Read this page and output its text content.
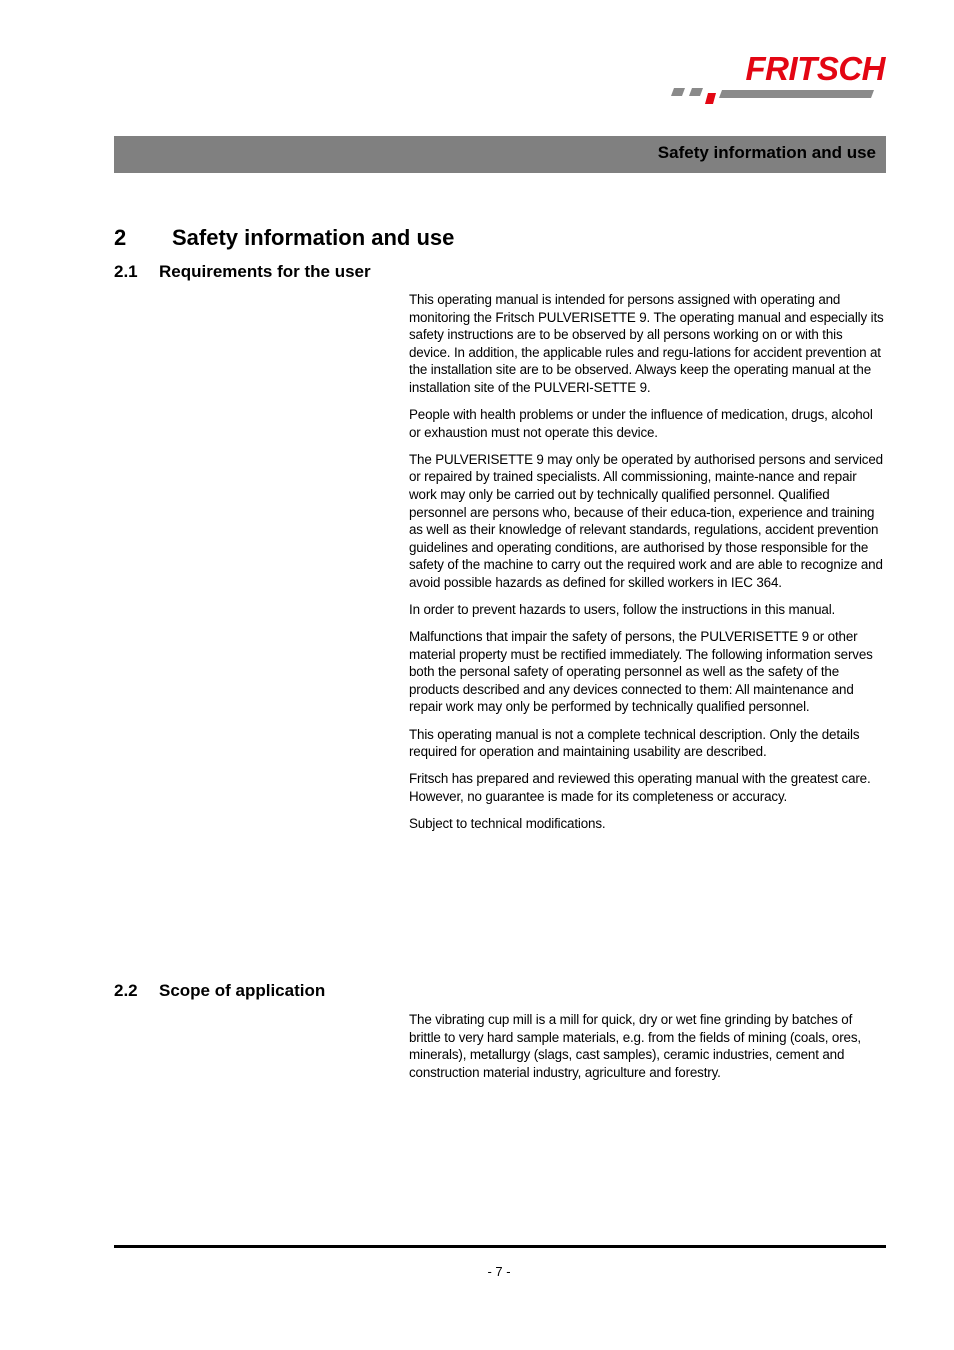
FRITSCH
Safety information and use
2 Safety information and use
2.1 Requirements for the user

This operating manual is intended for persons assigned with operating and monitoring the Fritsch PULVERISETTE 9. The operating manual and especially its safety instructions are to be observed by all persons working on or with this device. In addition, the applicable rules and regu-lations for accident prevention at the installation site are to be observed. Always keep the operating manual at the installation site of the PULVERI-SETTE 9.

People with health problems or under the influence of medication, drugs, alcohol or exhaustion must not operate this device.

The PULVERISETTE 9 may only be operated by authorised persons and serviced or repaired by trained specialists. All commissioning, mainte-nance and repair work may only be carried out by technically qualified personnel. Qualified personnel are persons who, because of their educa-tion, experience and training as well as their knowledge of relevant standards, regulations, accident prevention guidelines and operating conditions, are authorised by those responsible for the safety of the machine to carry out the required work and are able to recognize and avoid possible hazards as defined for skilled workers in IEC 364.

In order to prevent hazards to users, follow the instructions in this manual.

Malfunctions that impair the safety of persons, the PULVERISETTE 9 or other material property must be rectified immediately. The following information serves both the personal safety of operating personnel as well as the safety of the products described and any devices connected to them: All maintenance and repair work may only be performed by technically qualified personnel.

This operating manual is not a complete technical description. Only the details required for operation and maintaining usability are described.

Fritsch has prepared and reviewed this operating manual with the greatest care. However, no guarantee is made for its completeness or accuracy.

Subject to technical modifications.

2.2 Scope of application

The vibrating cup mill is a mill for quick, dry or wet fine grinding by batches of brittle to very hard sample materials, e.g. from the fields of mining (coals, ores, minerals), metallurgy (slags, cast samples), ceramic industries, cement and construction material industry, agriculture and forestry.

- 7 -
